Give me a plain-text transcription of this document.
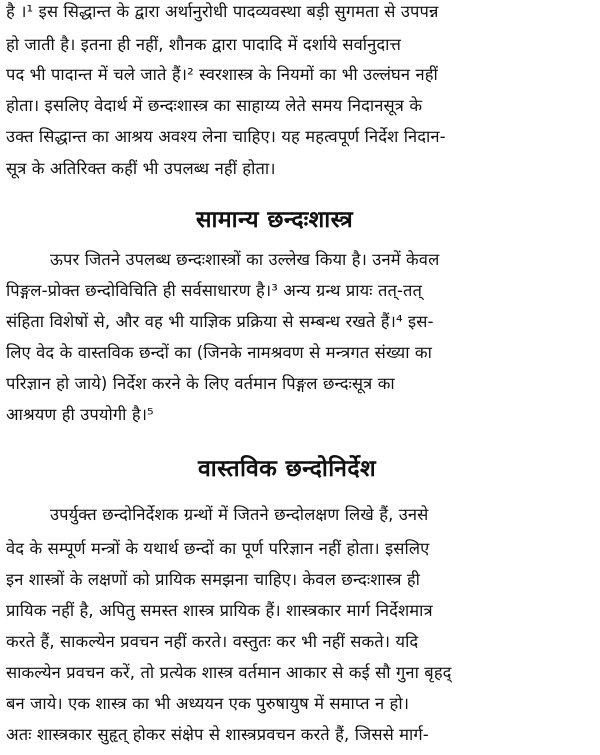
है ।¹ इस सिद्धान्त के द्वारा अर्थानुरोधी पादव्यवस्था बड़ी सुगमता से उपपन्न
हो जाती है। इतना ही नहीं, शौनक द्वारा पादादि में दर्शाये सर्वानुदात्त
पद भी पादान्त में चले जाते हैं।² स्वरशास्त्र के नियमों का भी उल्लंघन नहीं
होता। इसलिए वेदार्थ में छन्दःशास्त्र का साहाय्य लेते समय निदानसूत्र के
उक्त सिद्धान्त का आश्रय अवश्य लेना चाहिए। यह महत्वपूर्ण निर्देश निदान-
सूत्र के अतिरिक्त कहीं भी उपलब्ध नहीं होता।
सामान्य छन्दःशास्त्र
ऊपर जितने उपलब्ध छन्दःशास्त्रों का उल्लेख किया है। उनमें केवल
पिङ्गल-प्रोक्त छन्दोविचिति ही सर्वसाधारण है।³ अन्य ग्रन्थ प्रायः तत्-तत्
संहिता विशेषों से, और वह भी याज्ञिक प्रक्रिया से सम्बन्ध रखते हैं।⁴ इस-
लिए वेद के वास्तविक छन्दों का (जिनके नामश्रवण से मन्त्रगत संख्या का
परिज्ञान हो जाये) निर्देश करने के लिए वर्तमान पिङ्गल छन्दःसूत्र का
आश्रयण ही उपयोगी है।⁵
वास्तविक छन्दोनिर्देश
उपर्युक्त छन्दोनिर्देशक ग्रन्थों में जितने छन्दोलक्षण लिखे हैं, उनसे
वेद के सम्पूर्ण मन्त्रों के यथार्थ छन्दों का पूर्ण परिज्ञान नहीं होता। इसलिए
इन शास्त्रों के लक्षणों को प्रायिक समझना चाहिए। केवल छन्दःशास्त्र ही
प्रायिक नहीं है, अपितु समस्त शास्त्र प्रायिक हैं। शास्त्रकार मार्ग निर्देशमात्र
करते हैं, साकल्येन प्रवचन नहीं करते। वस्तुतः कर भी नहीं सकते। यदि
साकल्येन प्रवचन करें, तो प्रत्येक शास्त्र वर्तमान आकार से कई सौ गुना बृहद्
बन जाये। एक शास्त्र का भी अध्ययन एक पुरुषायुष में समाप्त न हो।
अतः शास्त्रकार सुहृत् होकर संक्षेप से शास्त्रप्रवचन करते हैं, जिससे मार्ग-
